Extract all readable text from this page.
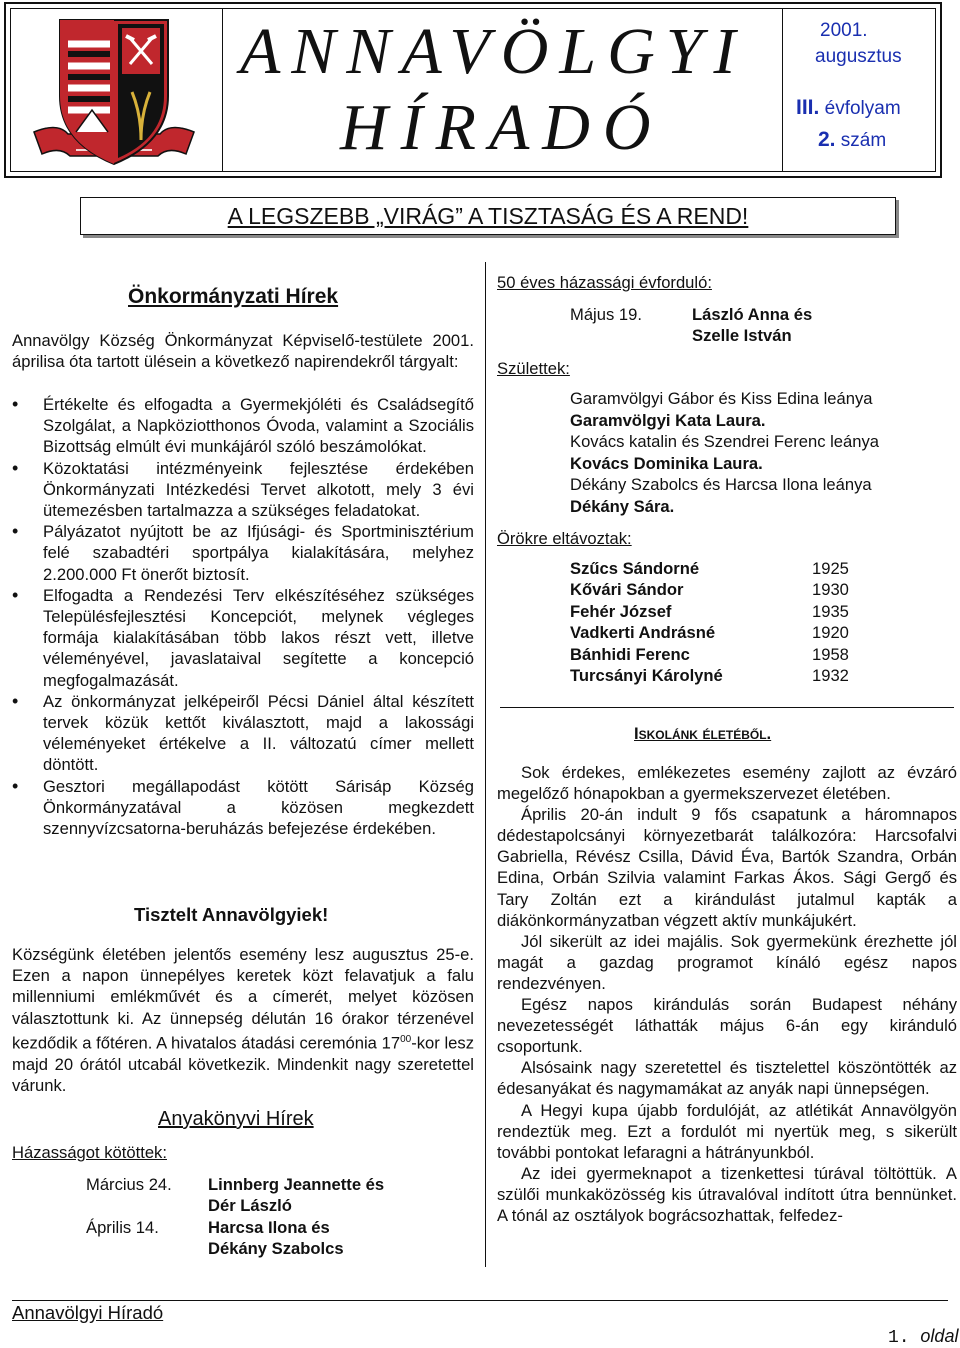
ANNAVÖLGYI
HÍRADÓ
2001.
augusztus
III. évfolyam
2. szám
A LEGSZEBB „VIRÁG” A TISZTASÁG ÉS A REND!
Önkormányzati Hírek
Annavölgy Község Önkormányzat Képviselő-testülete 2001. áprilisa óta tartott ülésein a következő napirendekről tárgyalt:
• Értékelte és elfogadta a Gyermekjóléti és Családsegítő Szolgálat, a Napköziotthonos Óvoda, valamint a Szociális Bizottság elmúlt évi munkájáról szóló beszámolókat.
• Közoktatási intézményeink fejlesztése érdekében Önkormányzati Intézkedési Tervet alkotott, mely 3 évi ütemezésben tartalmazza a szükséges feladatokat.
• Pályázatot nyújtott be az Ifjúsági- és Sportminisztérium felé szabadtéri sportpálya kialakítására, melyhez 2.200.000 Ft önerőt biztosít.
• Elfogadta a Rendezési Terv elkészítéséhez szükséges Településfejlesztési Koncepciót, melynek végleges formája kialakításában több lakos részt vett, illetve véleményével, javaslataival segítette a koncepció megfogalmazását.
• Az önkormányzat jelképeiről Pécsi Dániel által készített tervek közük kettőt kiválasztott, majd a lakossági véleményeket értékelve a II. változatú címer mellett döntött.
• Gesztori megállapodást kötött Sárisáp Község Önkormányzatával a közösen megkezdett szennyvízcsatorna-beruházás befejezése érdekében.
Tisztelt Annavölgyiek!
Községünk életében jelentős esemény lesz augusztus 25-e. Ezen a napon ünnepélyes keretek közt felavatjuk a falu millenniumi emlékművét és a címerét, melyet közösen választottunk ki. Az ünnepség délután 16 órakor térzenével kezdődik a főtéren. A hivatalos átadási ceremónia $17^{00}$-kor lesz majd 20 órától utcabál következik. Mindenkit nagy szeretettel várunk.
Anyakönyvi Hírek
Házasságot kötöttek:
Március 24.	Linnberg Jeannette és
Dér László
Április 14.	Harcsa Ilona és
Dékány Szabolcs
50 éves házassági évforduló:
Május 19.	László Anna és
Szelle István
Születtek:
Garamvölgyi Gábor és Kiss Edina leánya
Garamvölgyi Kata Laura.
Kovács katalin és Szendrei Ferenc leánya
Kovács Dominika Laura.
Dékány Szabolcs és Harcsa Ilona leánya
Dékány Sára.
Örökre eltávoztak:
Szűcs Sándorné	1925
Kővári Sándor	1930
Fehér József	1935
Vadkerti Andrásné	1920
Bánhidi Ferenc	1958
Turcsányi Károlyné	1932
Iskolánk életéből.

Sok érdekes, emlékezetes esemény zajlott az évzáró megelőző hónapokban a gyermekszervezet életében.

Április 20-án indult 9 fős csapatunk a háromnapos dédestapolcsányi környezetbarát találkozóra: Harcsofalvi Gabriella, Révész Csilla, Dávid Éva, Bartók Szandra, Orbán Edina, Orbán Szilvia valamint Farkas Ákos. Sági Gergő és Tary Zoltán ezt a kirándulást jutalmul kapták a diákönkormányzatban végzett aktív munkájukért.

Jól sikerült az idei majális. Sok gyermekünk érezhette jól magát a gazdag programot kínáló egész napos rendezvényen.

Egész napos kirándulás során Budapest néhány nevezetességét láthatták május 6-án egy kiránduló csoportunk.

Alsósaink nagy szeretettel és tisztelettel köszöntötték az édesanyákat és nagymamákat az anyák napi ünnepségen.

A Hegyi kupa újabb fordulóját, az atlétikát Annavölgyön rendeztük meg. Ezt a fordulót mi nyertük meg, s sikerült további pontokat lefaragni a hátrányunkból.

Az idei gyermeknapot a tizenkettesi túrával töltöttük. A szülői munkaközösség kis útravalóval indított útra bennünket. A tónál az osztályok bográcsozhattak, felfedez-

Annavölgyi Híradó
1. oldal
